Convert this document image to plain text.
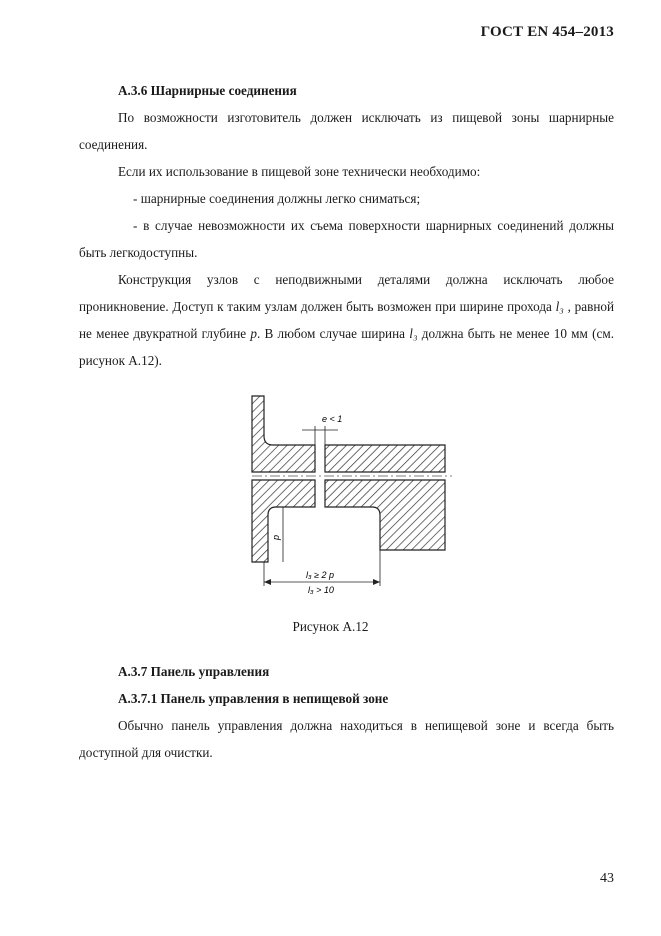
ГОСТ EN 454–2013

А.3.6 Шарнирные соединения

По возможности изготовитель должен исключать из пищевой зоны шарнирные соединения.

Если их использование в пищевой зоне технически необходимо:

- шарнирные соединения должны легко сниматься;

- в случае невозможности их съема поверхности шарнирных соединений должны быть легкодоступны.

Конструкция узлов с неподвижными деталями должна исключать любое проникновение. Доступ к таким узлам должен быть возможен при ширине прохода l₃ , равной не менее двукратной глубине p. В любом случае ширина l₃ должна быть не менее 10 мм (см. рисунок А.12).

e < 1
p
l₃ ≥ 2 p
l₃ > 10
Рисунок А.12

А.3.7 Панель управления

А.3.7.1 Панель управления в непищевой зоне

Обычно панель управления должна находиться в непищевой зоне и всегда быть доступной для очистки.

43
